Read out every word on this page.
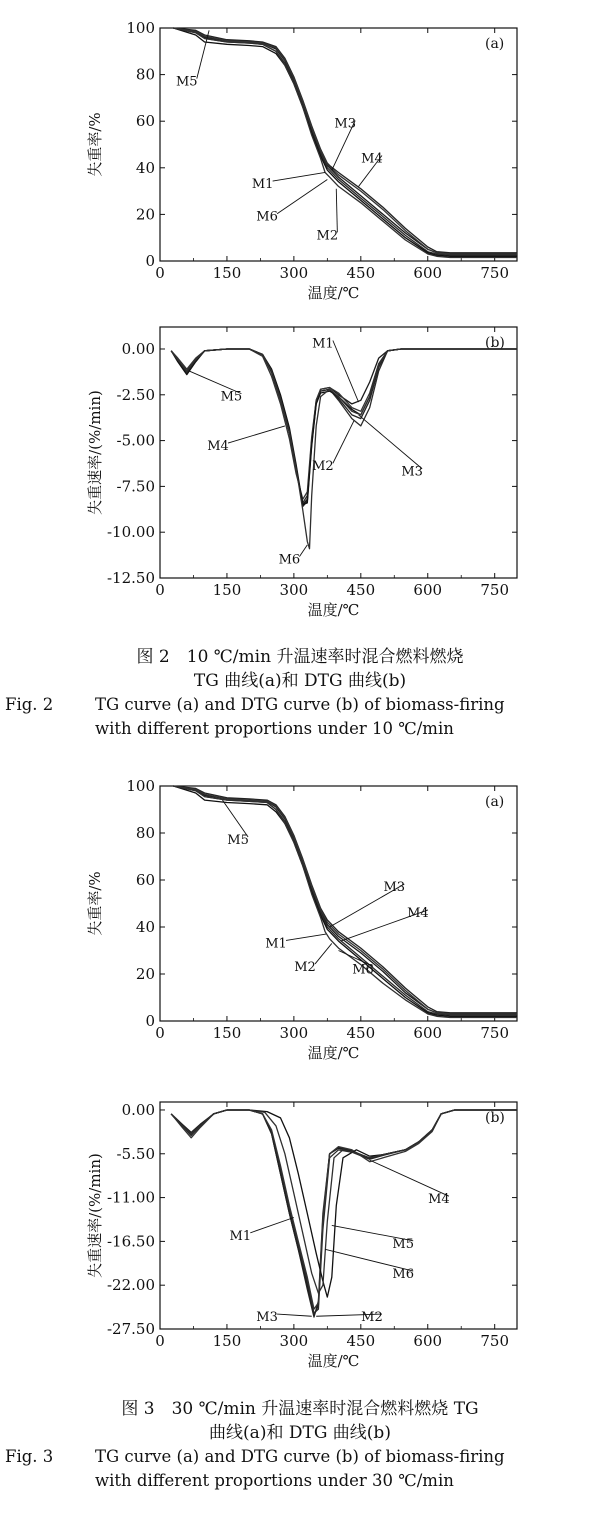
0	150	300	450	600	750
0
20
40
60
80
100
温度/℃
失重率/%
(a)
M5
M3
M4
M1
M6
M2
0	150	300	450	600	750
0.00
-2.50
-5.00
-7.50
-10.00
-12.50
温度/℃
失重速率/(%/min)
(b)
M1
M5
M4
M2	M3
M6
0	150	300	450	600	750
0
20
40
60
80
100
温度/℃
失重率/%
(a)
M5
M3
M4
M1
M2	M6
0	150	300	450	600	750
0.00
-5.50
-11.00
-16.50
-22.00
-27.50
温度/℃
失重速率/(%/min)
(b)
M4
M1
M5
M6
M3	M2
图 2　10 ℃/min 升温速率时混合燃料燃烧
TG 曲线(a)和 DTG 曲线(b)
Fig. 2	TG curve (a) and DTG curve (b) of biomass-firing
with different proportions under 10 ℃/min
图 3　30 ℃/min 升温速率时混合燃料燃烧 TG
曲线(a)和 DTG 曲线(b)
Fig. 3	TG curve (a) and DTG curve (b) of biomass-firing
with different proportions under 30 ℃/min
